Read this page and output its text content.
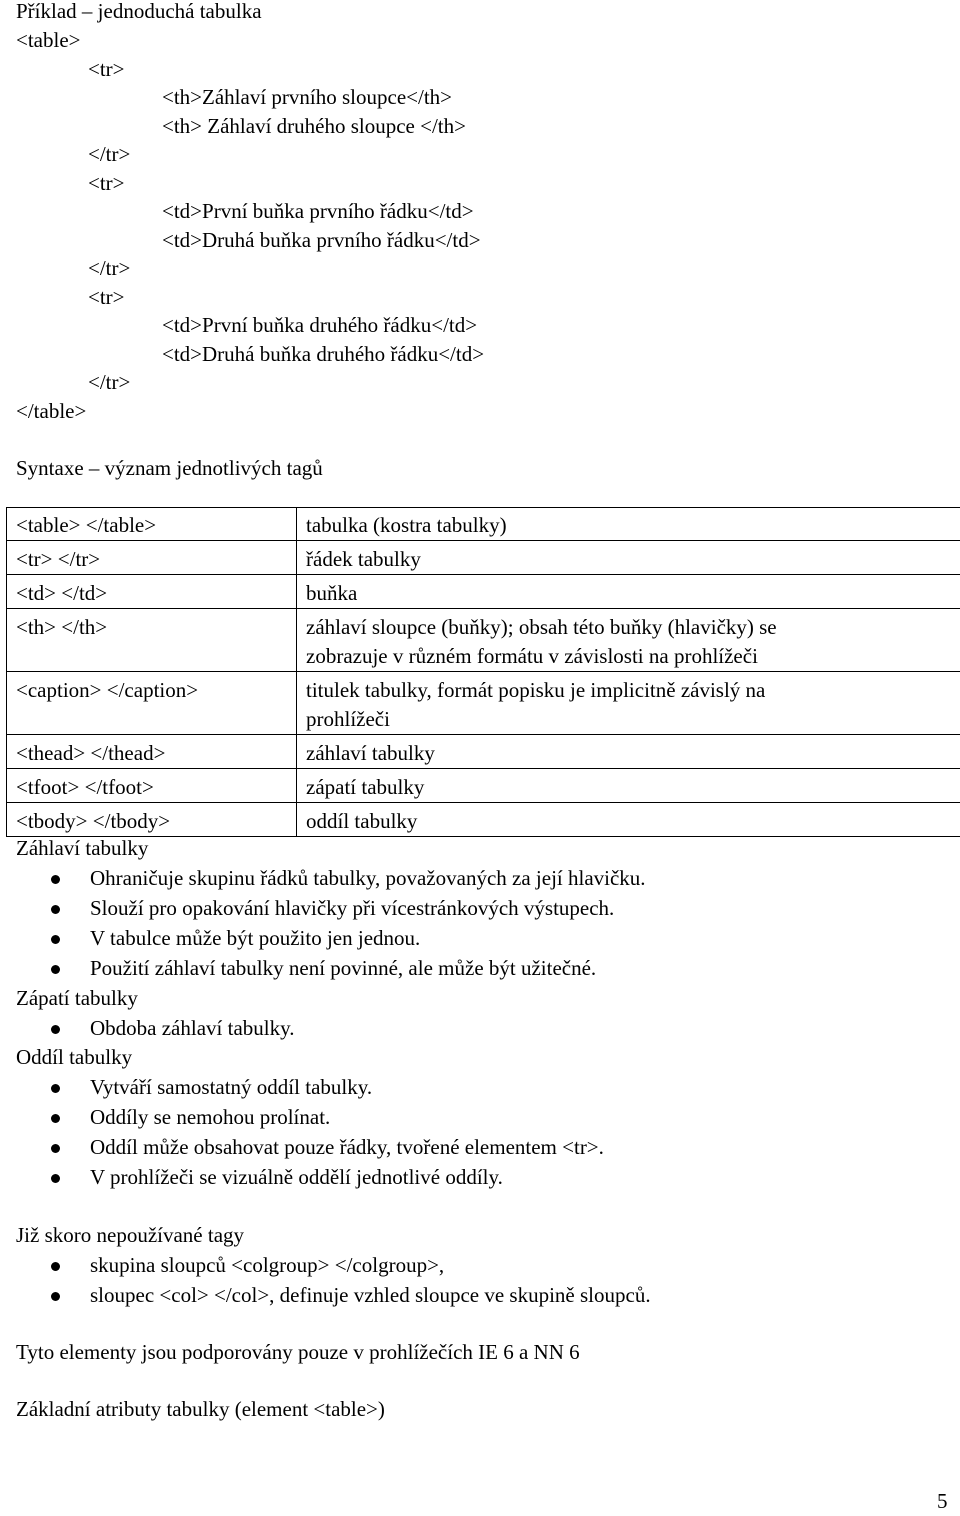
Příklad – jednoduchá tabulka
<table>
<tr>
<th>Záhlaví prvního sloupce</th>
<th> Záhlaví druhého sloupce </th>
</tr>
<tr>
<td>První buňka prvního řádku</td>
<td>Druhá buňka prvního řádku</td>
</tr>
<tr>
<td>První buňka druhého řádku</td>
<td>Druhá buňka druhého řádku</td>
</tr>
</table>
Syntaxe – význam jednotlivých tagů
<table> </table>	tabulka (kostra tabulky)
<tr> </tr>	řádek tabulky
<td> </td>	buňka
<th> </th>	záhlaví sloupce (buňky); obsah této buňky (hlavičky) se
zobrazuje v různém formátu v závislosti na prohlížeči
<caption> </caption>	titulek tabulky, formát popisku je implicitně závislý na
prohlížeči
<thead> </thead>	záhlaví tabulky
<tfoot> </tfoot>	zápatí tabulky
<tbody> </tbody>	oddíl tabulky
Záhlaví tabulky
Ohraničuje skupinu řádků tabulky, považovaných za její hlavičku.
Slouží pro opakování hlavičky při vícestránkových výstupech.
V tabulce může být použito jen jednou.
Použití záhlaví tabulky není povinné, ale může být užitečné.
Zápatí tabulky
Obdoba záhlaví tabulky.
Oddíl tabulky
Vytváří samostatný oddíl tabulky.
Oddíly se nemohou prolínat.
Oddíl může obsahovat pouze řádky, tvořené elementem <tr>.
V prohlížeči se vizuálně oddělí jednotlivé oddíly.
Již skoro nepoužívané tagy
skupina sloupců <colgroup> </colgroup>,
sloupec <col> </col>, definuje vzhled sloupce ve skupině sloupců.
Tyto elementy jsou podporovány pouze v prohlížečích IE 6 a NN 6
Základní atributy tabulky (element <table>)
5
